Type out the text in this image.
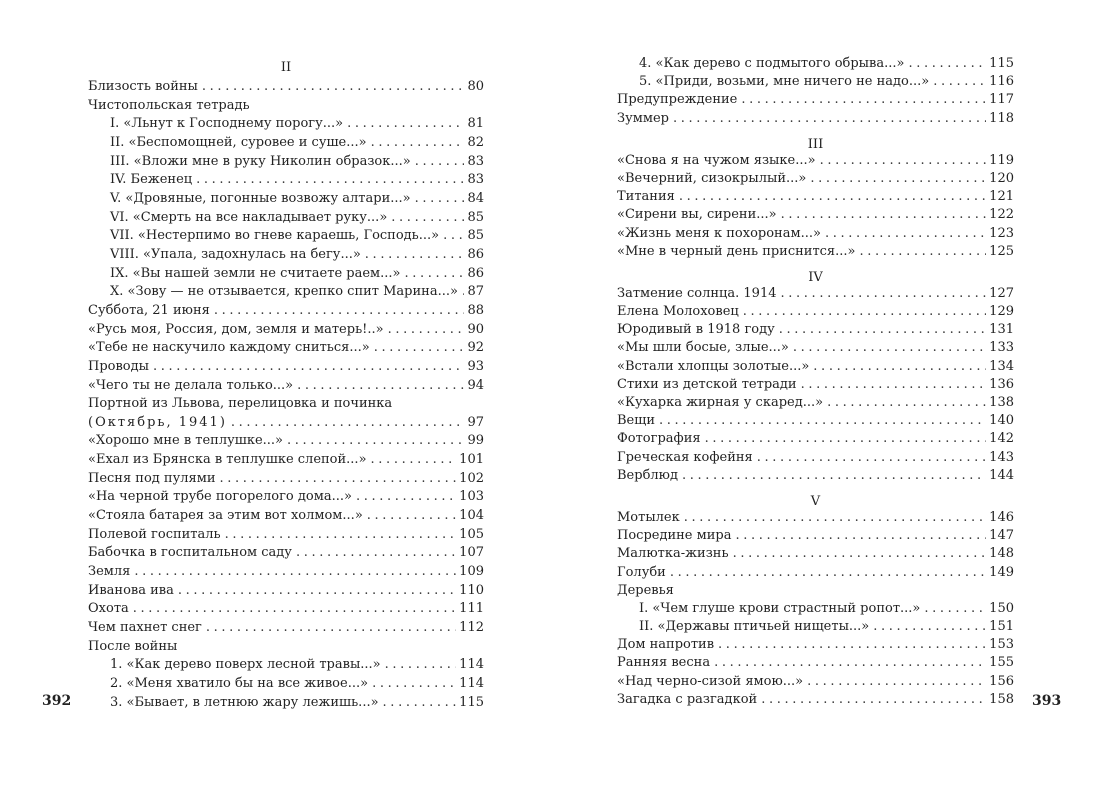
II
Близость войны . . .	80
Чистопольская тетрадь
I. «Льнут к Господнему порогу...» . . .	81
II. «Беспомощней, суровее и суше...» . . .	82
III. «Вложи мне в руку Николин образок...» . . .	83
IV. Беженец . . .	83
V. «Дровяные, погонные возвожу алтари...» . . .	84
VI. «Смерть на все накладывает руку...» . . .	85
VII. «Нестерпимо во гневе караешь, Господь...» . . . 85
VIII. «Упала, задохнулась на бегу...» . . .	86
IX. «Вы нашей земли не считаете раем...» . . .	86
X. «Зову — не отзывается, крепко спит Марина...» . . . 87
Суббота, 21 июня . . .	88
«Русь моя, Россия, дом, земля и матерь!..» . . .	90
«Тебе не наскучило каждому сниться...» . . .	92
Проводы . . .	93
«Чего ты не делала только...» . . .	94
Портной из Львова, перелицовка и починка
(Октябрь, 1941) . . .	97
«Хорошо мне в теплушке...» . . .	99
«Ехал из Брянска в теплушке слепой...» . . .	101
Песня под пулями . . .	102
«На черной трубе погорелого дома...» . . .	103
«Стояла батарея за этим вот холмом...» . . .	104
Полевой госпиталь . . .	105
Бабочка в госпитальном саду . . .	107
Земля . . .	109
Иванова ива . . .	110
Охота . . .	111
Чем пахнет снег . . .	112
После войны
1. «Как дерево поверх лесной травы...» . . .	114
2. «Меня хватило бы на все живое...» . . .	114
3. «Бывает, в летнюю жару лежишь...» . . .	115
4. «Как дерево с подмытого обрыва...» . . .	115
5. «Приди, возьми, мне ничего не надо...» . . .	116
Предупреждение . . .	117
Зуммер . . .	118
III
«Снова я на чужом языке...» . . .	119
«Вечерний, сизокрылый...» . . .	120
Титания . . .	121
«Сирени вы, сирени...» . . .	122
«Жизнь меня к похоронам...» . . .	123
«Мне в черный день приснится...» . . .	125
IV
Затмение солнца. 1914 . . .	127
Елена Молоховец . . .	129
Юродивый в 1918 году . . .	131
«Мы шли босые, злые...» . . .	133
«Встали хлопцы золотые...» . . .	134
Стихи из детской тетради . . .	136
«Кухарка жирная у скаред...» . . .	138
Вещи . . .	140
Фотография . . .	142
Греческая кофейня . . .	143
Верблюд . . .	144
V
Мотылек . . .	146
Посредине мира . . .	147
Малютка-жизнь . . .	148
Голуби . . .	149
Деревья
I. «Чем глуше крови страстный ропот...» . . .	150
II. «Державы птичьей нищеты...» . . .	151
Дом напротив . . .	153
Ранняя весна . . .	155
«Над черно-сизой ямою...» . . .	156
Загадка с разгадкой . . .	158
392	393
